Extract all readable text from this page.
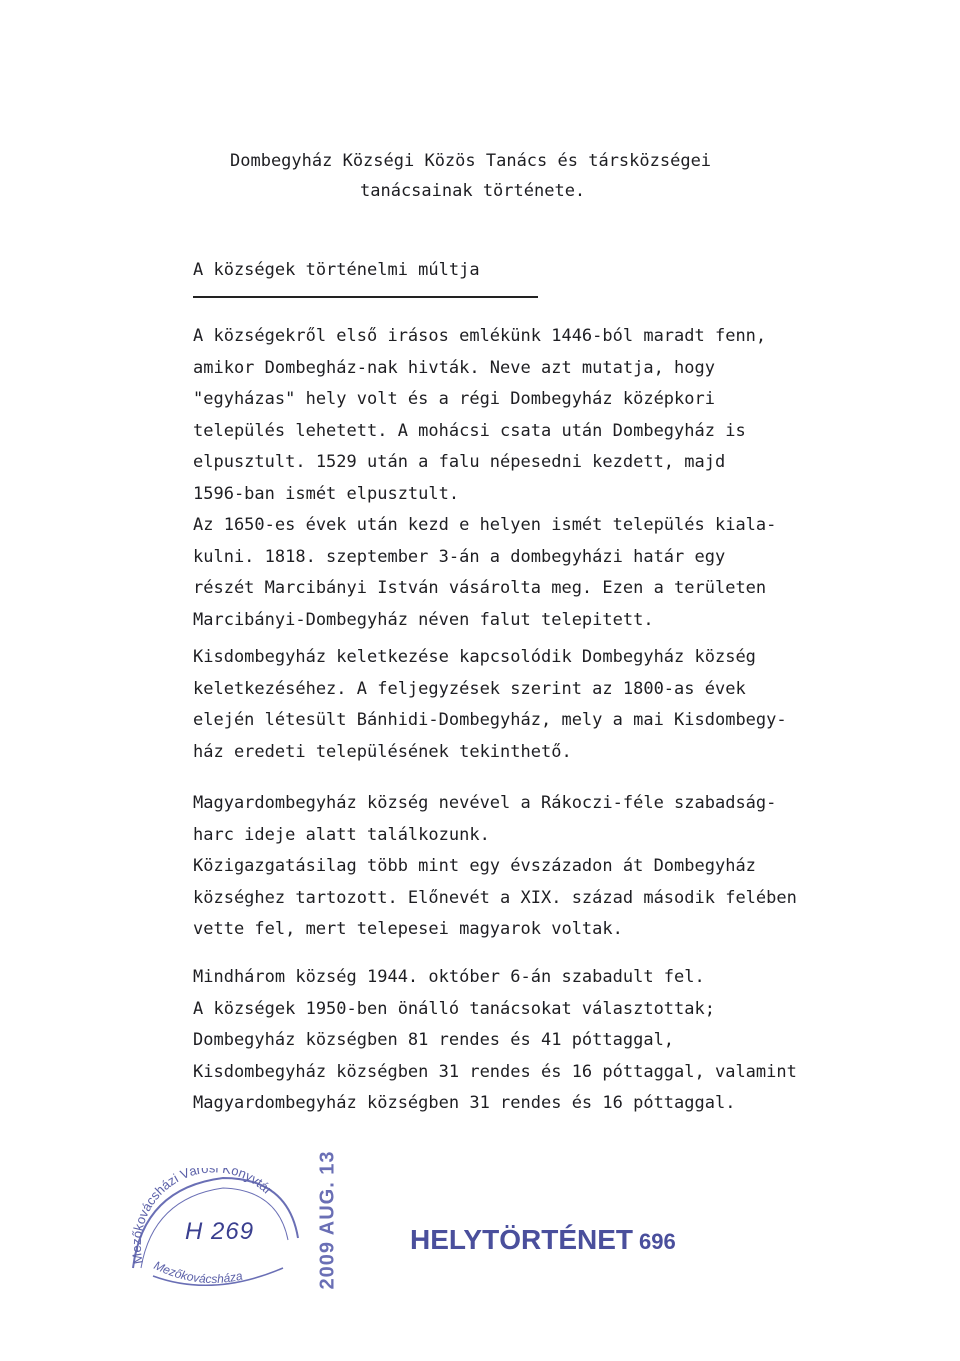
Dombegyház Községi Közös Tanács és társközségei
tanácsainak története.
A községek történelmi múltja
A községekről első irásos emlékünk 1446-ból maradt fenn,
amikor Dombegház-nak hivták. Neve azt mutatja, hogy
"egyházas" hely volt és a régi Dombegyház középkori
település lehetett. A mohácsi csata után Dombegyház is
elpusztult. 1529 után a falu népesedni kezdett, majd
1596-ban ismét elpusztult.
Az 1650-es évek után kezd e helyen ismét település kiala-
kulni. 1818. szeptember 3-án a dombegyházi határ egy
részét Marcibányi István vásárolta meg. Ezen a területen
Marcibányi-Dombegyház néven falut telepitett.
Kisdombegyház keletkezése kapcsolódik Dombegyház község
keletkezéséhez. A feljegyzések szerint az 1800-as évek
elején létesült Bánhidi-Dombegyház, mely a mai Kisdombegy-
ház eredeti településének tekinthető.
Magyardombegyház község nevével a Rákoczi-féle szabadság-
harc ideje alatt találkozunk.
Közigazgatásilag több mint egy évszázadon át Dombegyház
községhez tartozott. Előnevét a XIX. század második felében
vette fel, mert telepesei magyarok voltak.
Mindhárom község 1944. október 6-án szabadult fel.
A községek 1950-ben önálló tanácsokat választottak;
Dombegyház községben 81 rendes és 41 póttaggal,
Kisdombegyház községben 31 rendes és 16 póttaggal, valamint
Magyardombegyház községben 31 rendes és 16 póttaggal.
Mezőkovácsházi Váro Könyvtár
Mezőkovácsháza
H 269	2009 AUG. 13	HELYTÖRTÉNET 696
